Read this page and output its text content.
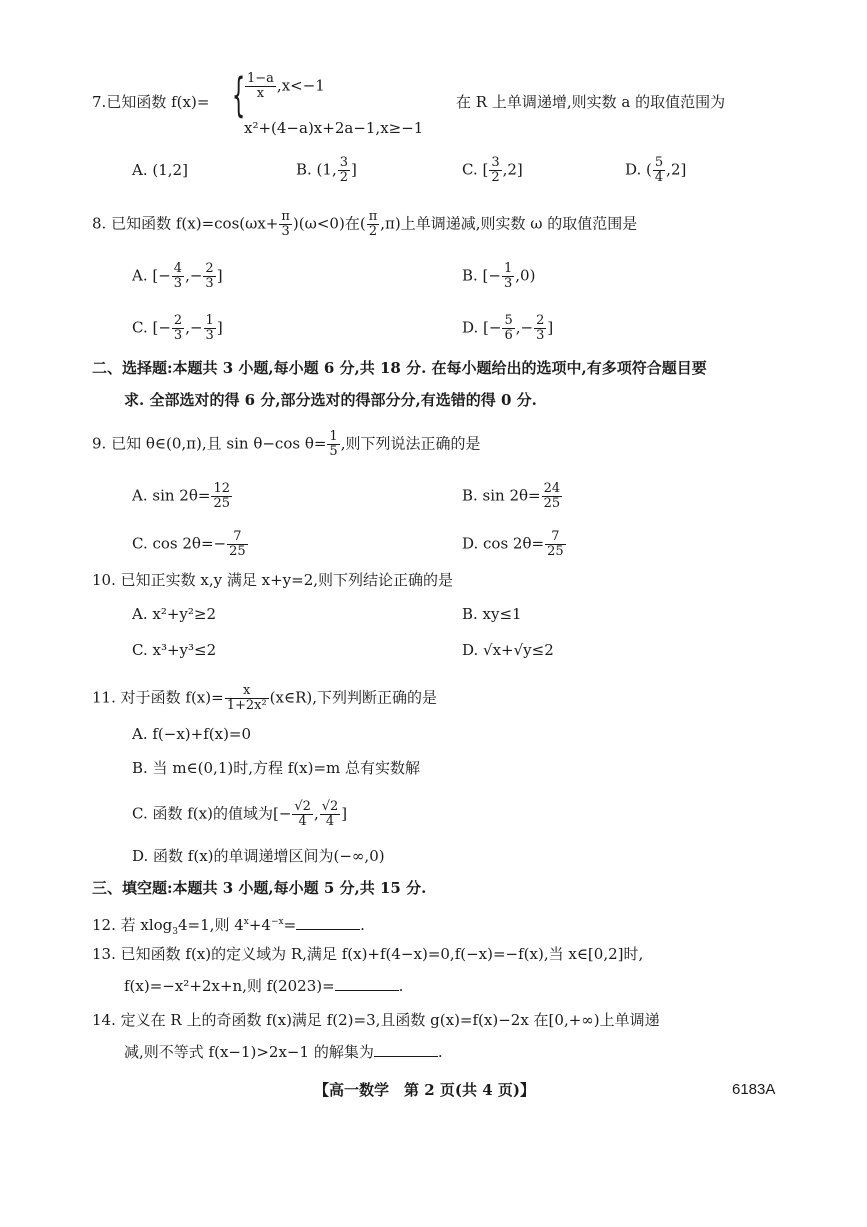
7.已知函数 f(x)= { $\frac{1-a}{x} ,x<-1$
x²+(4−a)x+2a−1,x≥−1
在 R 上单调递增,则实数 a 的取值范围为
A. (1,2]	B. (1, $\frac{3}{2}$ ]	C. [ $\frac{3}{2} ,2$]	D. ( $\frac{5}{4} ,2$]
8. 已知函数 $f(x)=\cos(\omega x+ \frac{\pi}{3} )(\omega<0)$在( $\frac{\pi}{2} ,\pi$)上单调递减,则实数 ω 的取值范围是
A. [− $\frac{4}{3}$ ,− $\frac{2}{3}$ ]	B. [− $\frac{1}{3} ,0$)
C. [− $\frac{2}{3}$ ,− $\frac{1}{3}$ ]	D. [− $\frac{5}{6}$ ,− $\frac{2}{3}$ ]
二、选择题:本题共 3 小题,每小题 6 分,共 18 分. 在每小题给出的选项中,有多项符合题目要
求. 全部选对的得 6 分,部分选对的得部分分,有选错的得 0 分.
9. 已知 θ∈(0,π),且 sin θ−cos $\theta= \frac{1}{5}$ ,则下列说法正确的是
A. $\sin 2\theta= \frac{12}{25}$	B. $\sin 2\theta= \frac{24}{25}$
C. $\cos 2\theta=- \frac{7}{25}$	D. $\cos 2\theta= \frac{7}{25}$
10. 已知正实数 x,y 满足 x+y=2,则下列结论正确的是
A. x²+y²≥2	B. xy≤1
C. x³+y³≤2	D. √x+√y≤2
11. 对于函数 $f(x)= \frac{x}{\text{1+2x²}}$ (x∈R),下列判断正确的是
A. f(−x)+f(x)=0
B. 当 m∈(0,1)时,方程 f(x)=m 总有实数解
C. 函数 f(x)的值域为[− $\frac{√2}{4}$ , $\frac{√2}{4}$ ]
D. 函数 f(x)的单调递增区间为(−∞,0)
三、填空题:本题共 3 小题,每小题 5 分,共 15 分.
12. 若 xlog$_3$4=1,则 $4^x+4^{-x}=$	.
13. 已知函数 f(x)的定义域为 R,满足 f(x)+f(4−x)=0,f(−x)=−f(x),当 x∈[0,2]时,
f(x)=−x²+2x+n,则 f(2023)=	.
14. 定义在 R 上的奇函数 f(x)满足 f(2)=3,且函数 g(x)=f(x)−2x 在[0,+∞)上单调递
减,则不等式 f(x−1)>2x−1 的解集为	.
【高一数学　第 2 页(共 4 页)】	6183A
